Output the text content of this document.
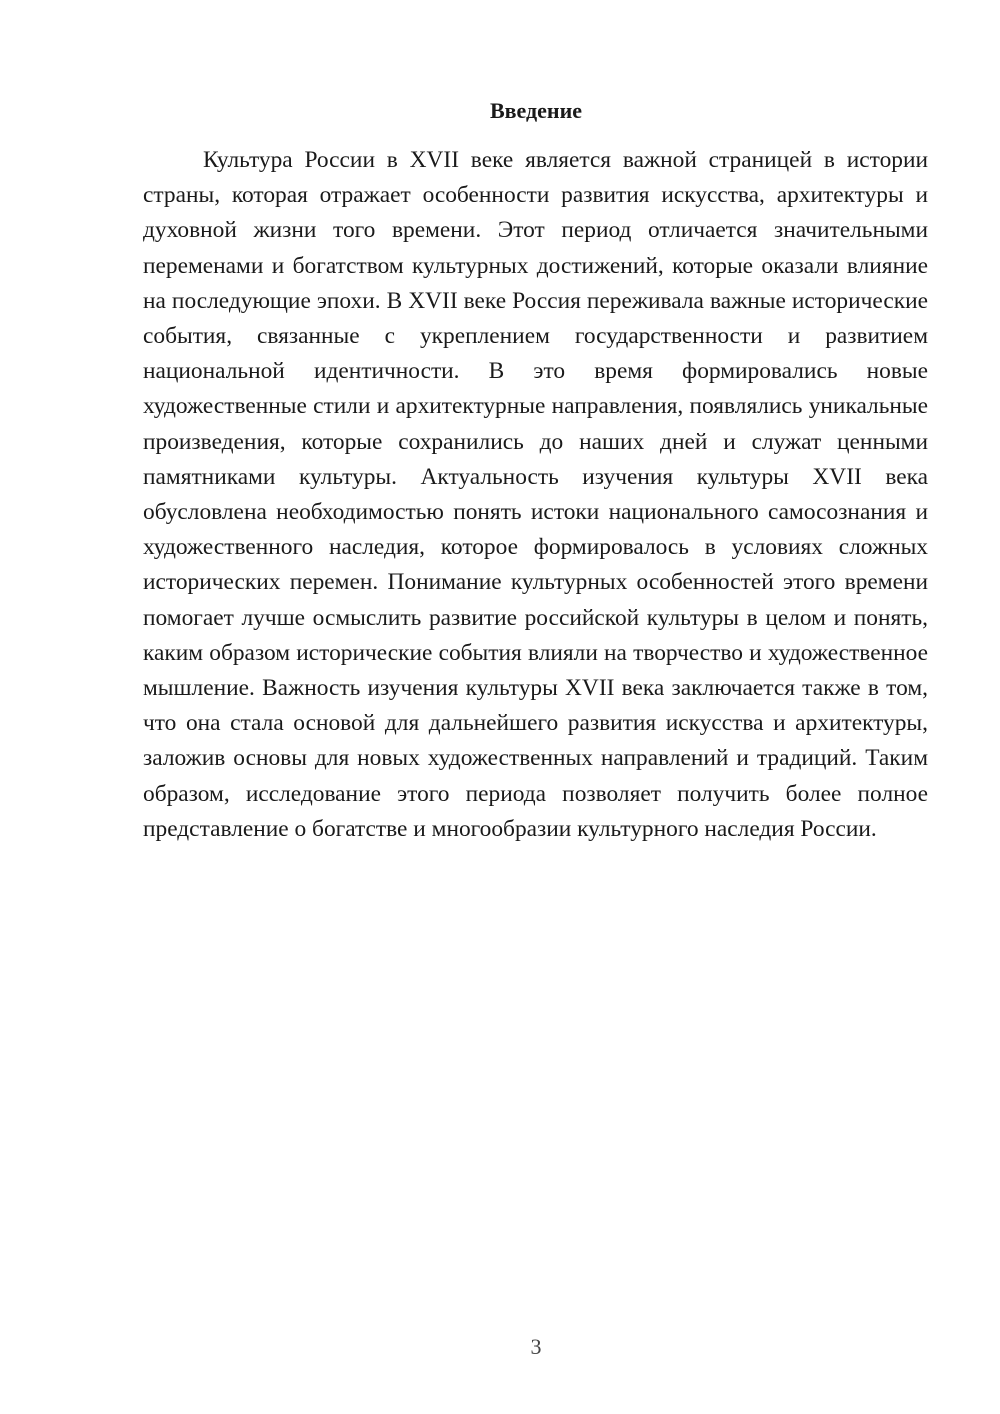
Введение

Культура России в XVII веке является важной страницей в истории страны, которая отражает особенности развития искусства, архитектуры и духовной жизни того времени. Этот период отличается значительными переменами и богатством культурных достижений, которые оказали влияние на последующие эпохи. В XVII веке Россия переживала важные исторические события, связанные с укреплением государственности и развитием национальной идентичности. В это время формировались новые художественные стили и архитектурные направления, появлялись уникальные произведения, которые сохранились до наших дней и служат ценными памятниками культуры. Актуальность изучения культуры XVII века обусловлена необходимостью понять истоки национального самосознания и художественного наследия, которое формировалось в условиях сложных исторических перемен. Понимание культурных особенностей этого времени помогает лучше осмыслить развитие российской культуры в целом и понять, каким образом исторические события влияли на творчество и художественное мышление. Важность изучения культуры XVII века заключается также в том, что она стала основой для дальнейшего развития искусства и архитектуры, заложив основы для новых художественных направлений и традиций. Таким образом, исследование этого периода позволяет получить более полное представление о богатстве и многообразии культурного наследия России.

3
